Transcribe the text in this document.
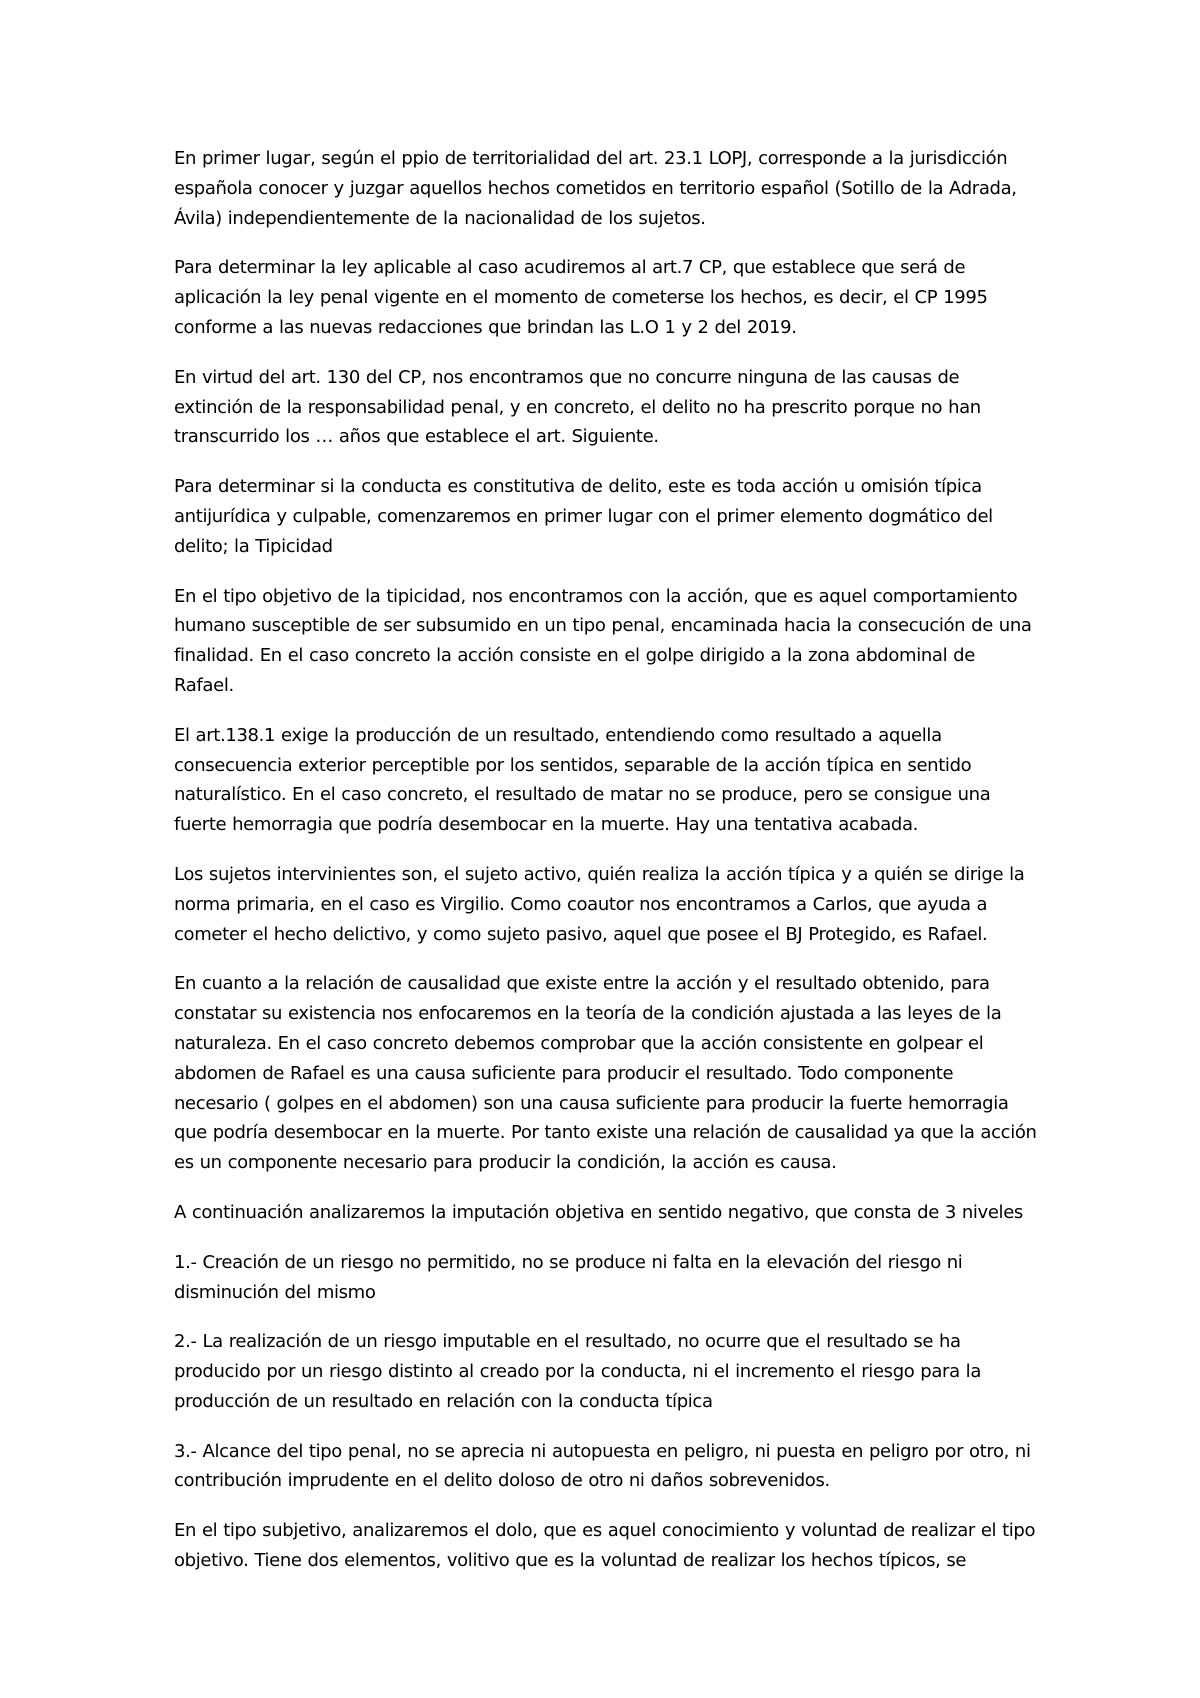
En primer lugar, según el ppio de territorialidad del art. 23.1 LOPJ, corresponde a la jurisdicción española conocer y juzgar aquellos hechos cometidos en territorio español (Sotillo de la Adrada, Ávila) independientemente de la nacionalidad de los sujetos.

Para determinar la ley aplicable al caso acudiremos al art.7 CP, que establece que será de aplicación la ley penal vigente en el momento de cometerse los hechos, es decir, el CP 1995 conforme a las nuevas redacciones que brindan las L.O 1 y 2 del 2019.

En virtud del art. 130 del CP, nos encontramos que no concurre ninguna de las causas de extinción de la responsabilidad penal, y en concreto, el delito no ha prescrito porque no han transcurrido los … años que establece el art. Siguiente.

Para determinar si la conducta es constitutiva de delito, este es toda acción u omisión típica antijurídica y culpable, comenzaremos en primer lugar con el primer elemento dogmático del delito; la Tipicidad

En el tipo objetivo de la tipicidad, nos encontramos con la acción, que es aquel comportamiento humano susceptible de ser subsumido en un tipo penal, encaminada hacia la consecución de una finalidad. En el caso concreto la acción consiste en el golpe dirigido a la zona abdominal de Rafael.

El art.138.1 exige la producción de un resultado, entendiendo como resultado a aquella consecuencia exterior perceptible por los sentidos, separable de la acción típica en sentido naturalístico. En el caso concreto, el resultado de matar no se produce, pero se consigue una fuerte hemorragia que podría desembocar en la muerte. Hay una tentativa acabada.

Los sujetos intervinientes son, el sujeto activo, quién realiza la acción típica y a quién se dirige la norma primaria, en el caso es Virgilio. Como coautor nos encontramos a Carlos, que ayuda a cometer el hecho delictivo, y como sujeto pasivo, aquel que posee el BJ Protegido, es Rafael.

En cuanto a la relación de causalidad que existe entre la acción y el resultado obtenido, para constatar su existencia nos enfocaremos en la teoría de la condición ajustada a las leyes de la naturaleza. En el caso concreto debemos comprobar que la acción consistente en golpear el abdomen de Rafael es una causa suficiente para producir el resultado. Todo componente necesario ( golpes en el abdomen) son una causa suficiente para producir la fuerte hemorragia que podría desembocar en la muerte. Por tanto existe una relación de causalidad ya que la acción es un componente necesario para producir la condición, la acción es causa.

A continuación analizaremos la imputación objetiva en sentido negativo, que consta de 3 niveles

1.- Creación de un riesgo no permitido, no se produce ni falta en la elevación del riesgo ni disminución del mismo

2.- La realización de un riesgo imputable en el resultado, no ocurre que el resultado se ha producido por un riesgo distinto al creado por la conducta, ni el incremento el riesgo para la producción de un resultado en relación con la conducta típica

3.- Alcance del tipo penal, no se aprecia ni autopuesta en peligro, ni puesta en peligro por otro, ni contribución imprudente en el delito doloso de otro ni daños sobrevenidos.

En el tipo subjetivo, analizaremos el dolo, que es aquel conocimiento y voluntad de realizar el tipo objetivo. Tiene dos elementos, volitivo que es la voluntad de realizar los hechos típicos, se
